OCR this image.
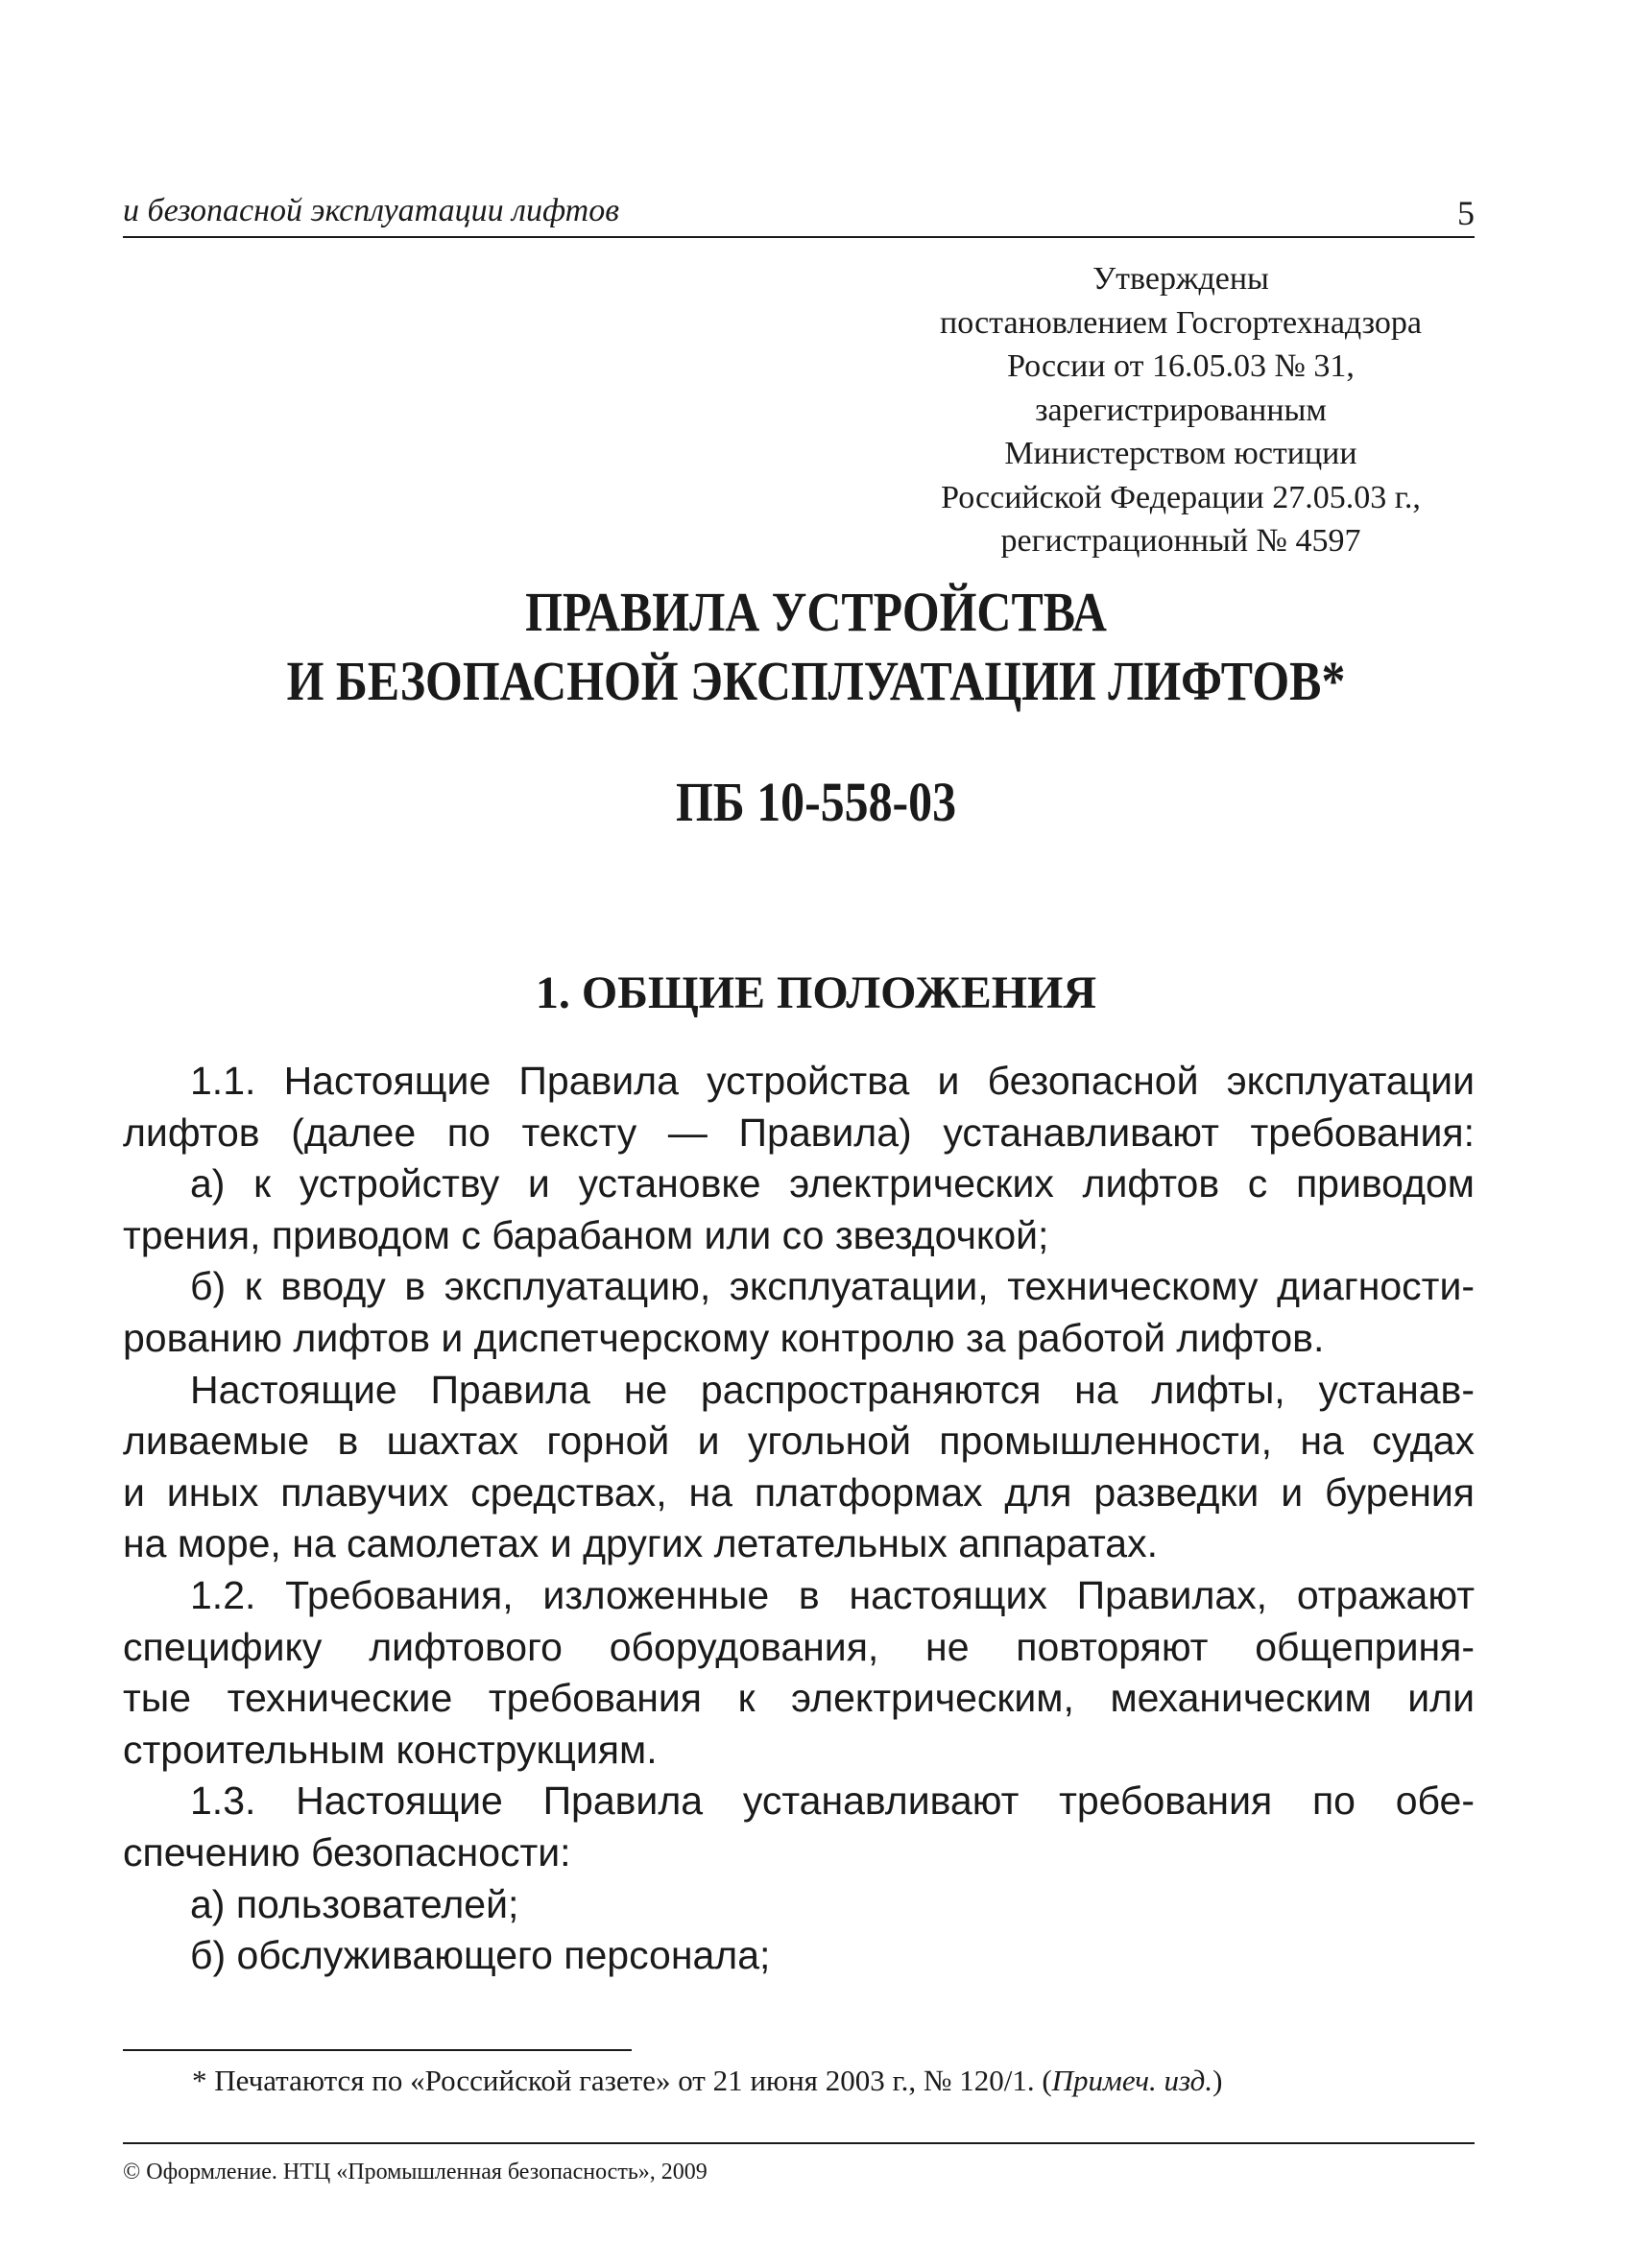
и безопасной эксплуатации лифтов	5
Утверждены
постановлением Госгортехнадзора
России от 16.05.03 № 31,
зарегистрированным
Министерством юстиции
Российской Федерации 27.05.03 г.,
регистрационный № 4597
ПРАВИЛА УСТРОЙСТВА
И БЕЗОПАСНОЙ ЭКСПЛУАТАЦИИ ЛИФТОВ*
ПБ 10-558-03
1. ОБЩИЕ ПОЛОЖЕНИЯ
1.1. Настоящие Правила устройства и безопасной эксплуатации
лифтов (далее по тексту — Правила) устанавливают требования:
а) к устройству и установке электрических лифтов с приводом
трения, приводом с барабаном или со звездочкой;
б) к вводу в эксплуатацию, эксплуатации, техническому диагности-
рованию лифтов и диспетчерскому контролю за работой лифтов.
Настоящие Правила не распространяются на лифты, устанав-
ливаемые в шахтах горной и угольной промышленности, на судах
и иных плавучих средствах, на платформах для разведки и бурения
на море, на самолетах и других летательных аппаратах.
1.2. Требования, изложенные в настоящих Правилах, отражают
специфику лифтового оборудования, не повторяют общеприня-
тые технические требования к электрическим, механическим или
строительным конструкциям.
1.3. Настоящие Правила устанавливают требования по обе-
спечению безопасности:
а) пользователей;
б) обслуживающего персонала;
* Печатаются по «Российской газете» от 21 июня 2003 г., № 120/1. (Примеч. изд.)
© Оформление. НТЦ «Промышленная безопасность», 2009
